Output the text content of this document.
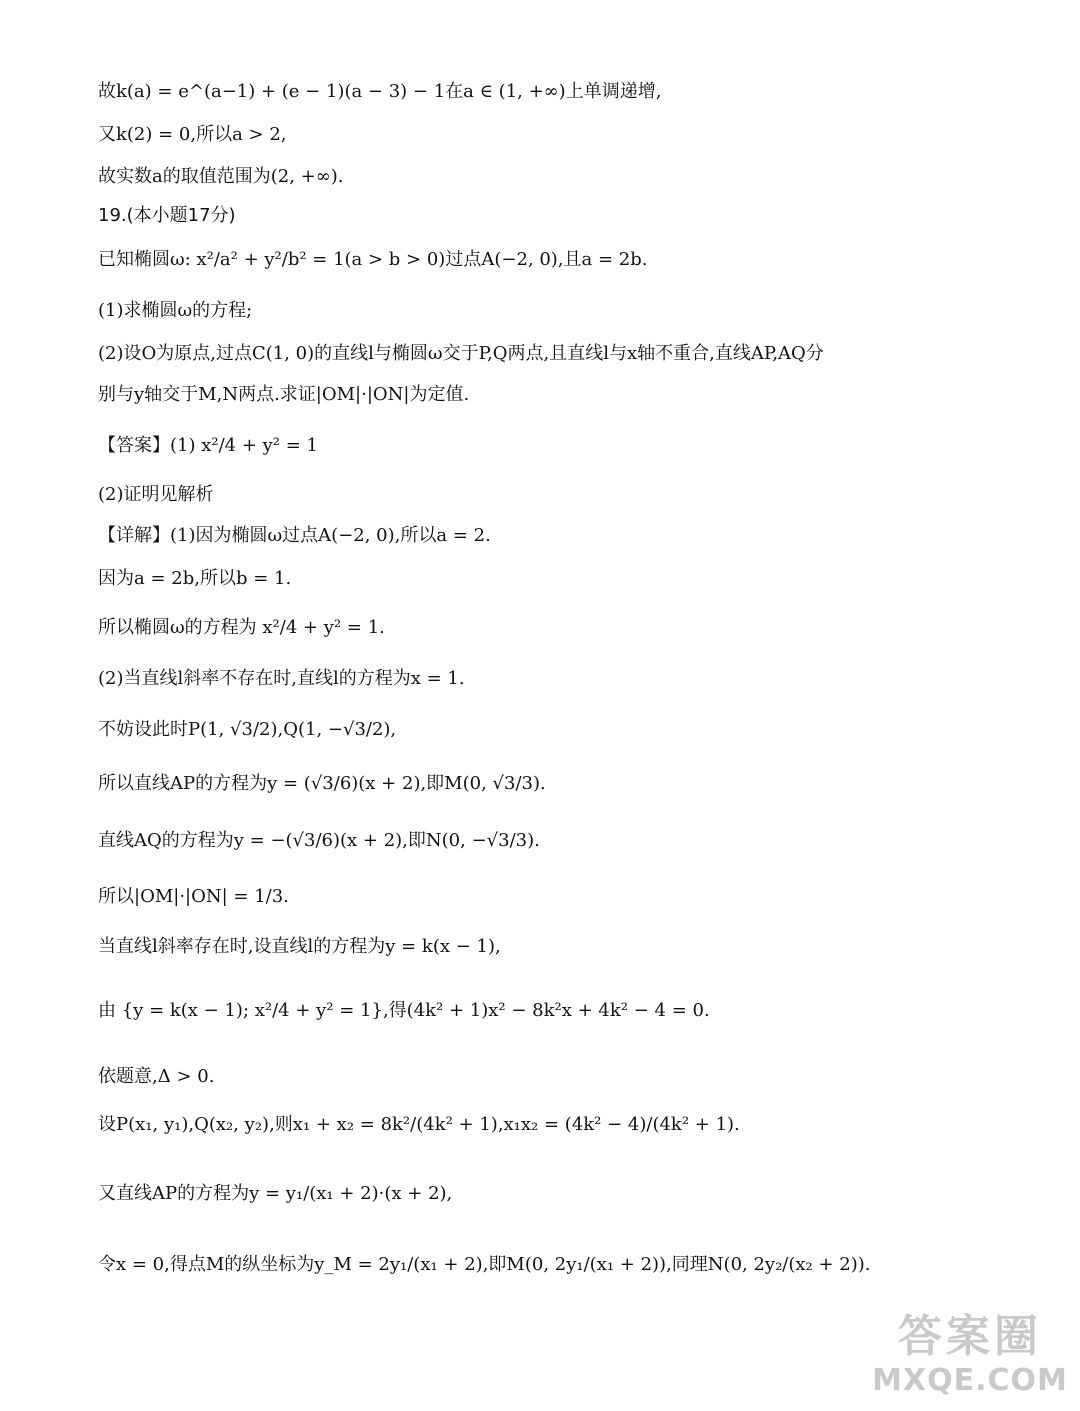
故k(a) = e^(a−1) + (e − 1)(a − 3) − 1在a ∈ (1, +∞)上单调递增,
又k(2) = 0,所以a > 2,
故实数a的取值范围为(2, +∞).
19.(本小题17分)
已知椭圆ω: x²/a² + y²/b² = 1(a > b > 0)过点A(−2, 0),且a = 2b.
(1)求椭圆ω的方程;
(2)设O为原点,过点C(1, 0)的直线l与椭圆ω交于P,Q两点,且直线l与x轴不重合,直线AP,AQ分
别与y轴交于M,N两点.求证|OM|·|ON|为定值.
【答案】(1) x²/4 + y² = 1
(2)证明见解析
【详解】(1)因为椭圆ω过点A(−2, 0),所以a = 2.
因为a = 2b,所以b = 1.
所以椭圆ω的方程为 x²/4 + y² = 1.
(2)当直线l斜率不存在时,直线l的方程为x = 1.
不妨设此时P(1, √3/2),Q(1, −√3/2),
所以直线AP的方程为y = (√3/6)(x + 2),即M(0, √3/3).
直线AQ的方程为y = −(√3/6)(x + 2),即N(0, −√3/3).
所以|OM|·|ON| = 1/3.
当直线l斜率存在时,设直线l的方程为y = k(x − 1),
由 {y = k(x − 1); x²/4 + y² = 1},得(4k² + 1)x² − 8k²x + 4k² − 4 = 0.
依题意,Δ > 0.
设P(x₁, y₁),Q(x₂, y₂),则x₁ + x₂ = 8k²/(4k² + 1),x₁x₂ = (4k² − 4)/(4k² + 1).
又直线AP的方程为y = y₁/(x₁ + 2)·(x + 2),
令x = 0,得点M的纵坐标为y_M = 2y₁/(x₁ + 2),即M(0, 2y₁/(x₁ + 2)),同理N(0, 2y₂/(x₂ + 2)).
答案圈
MXQE.COM
